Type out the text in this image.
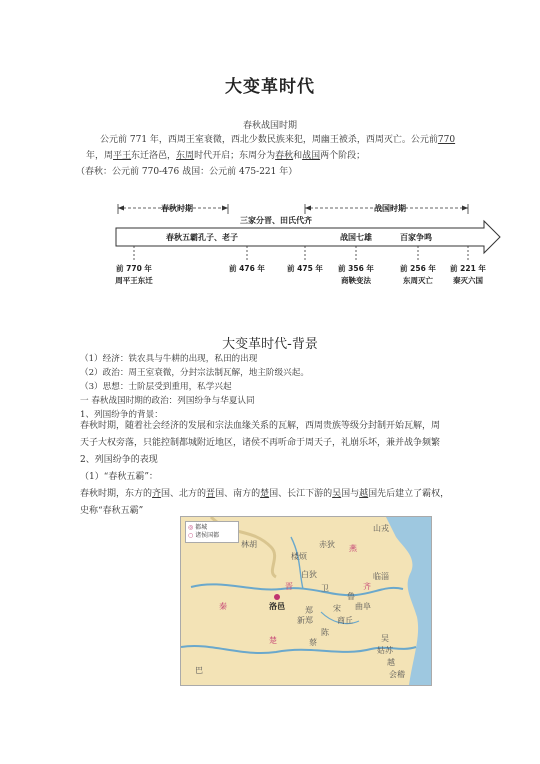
大变革时代
春秋战国时期
公元前 771 年，西周王室衰微，西北少数民族来犯，周幽王被杀，西周灭亡。公元前770
年，周平王东迁洛邑，东周时代开启；东周分为春秋和战国两个阶段；
（春秋：公元前 770-476 战国：公元前 475-221 年）
春秋时期	战国时期
三家分晋、田氏代齐
春秋五霸 孔子、老子	战国七雄	百家争鸣
前 770 年
周平王东迁
前 476 年	前 475 年 前 356 年
商鞅变法
前 256 年
东周灭亡
前 221 年
秦灭六国
大变革时代-背景
（1）经济：铁农具与牛耕的出现，私田的出现
（2）政治：周王室衰微，分封宗法制瓦解，地主阶级兴起。
（3）思想：士阶层受到重用，私学兴起
一 春秋战国时期的政治：列国纷争与华夏认同
1、列国纷争的背景：
春秋时期，随着社会经济的发展和宗法血缘关系的瓦解，西周贵族等级分封制开始瓦解，周
天子大权旁落，只能控制都城附近地区，诸侯不再听命于周天子，礼崩乐坏，兼并战争频繁
2、列国纷争的表现
（1）“春秋五霸”：
春秋时期，东方的齐国、北方的晋国、南方的楚国、长江下游的吴国与越国先后建立了霸权，
史称“春秋五霸”
◎ 都城
○ 诸侯国都
山戎
林胡
楼烦
赤狄
白狄
郑
卫
鲁
曲阜
临淄
洛邑
新郑	商丘
宋
陈
蔡	吴
越
会稽
巴
姑苏
秦
晋	齐
楚
燕
